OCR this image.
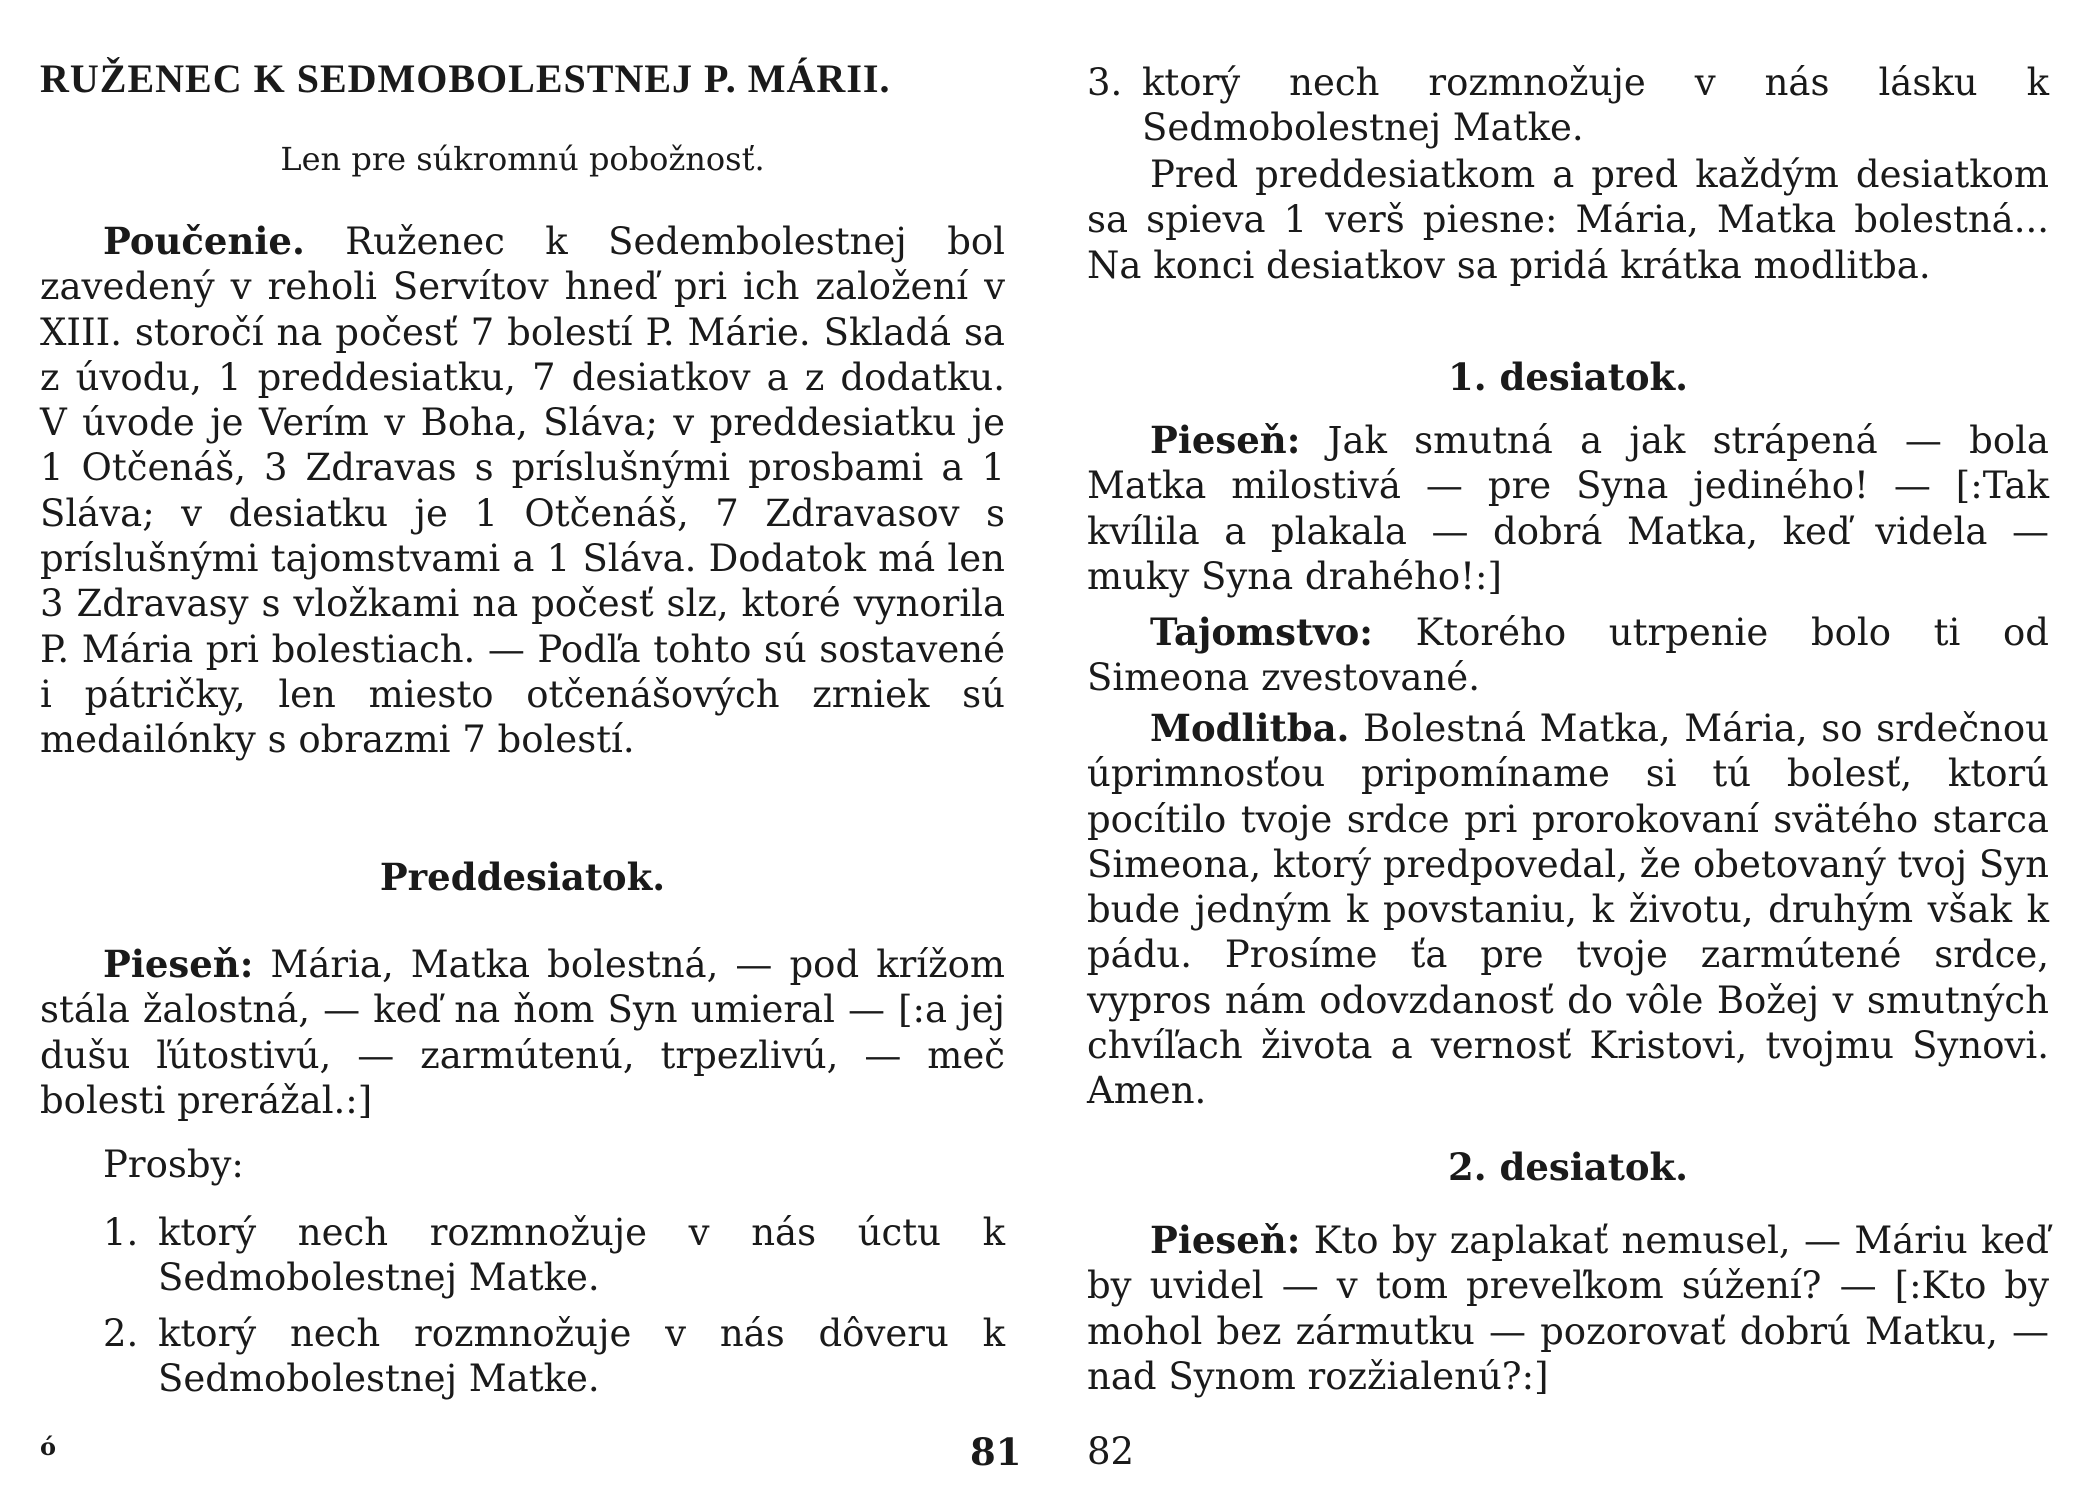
RUŽENEC K SEDMOBOLESTNEJ P. MÁRII.
Len pre súkromnú pobožnosť.
Poučenie. Ruženec k Sedembolestnej bol zavedený v reholi Servítov hneď pri ich založení v XIII. storočí na počesť 7 bolestí P. Márie. Skladá sa z úvodu, 1 preddesiatku, 7 desiatkov a z dodatku. V úvode je Verím v Boha, Sláva; v preddesiatku je 1 Otčenáš, 3 Zdravas s príslušnými prosbami a 1 Sláva; v desiatku je 1 Otčenáš, 7 Zdravasov s príslušnými tajomstvami a 1 Sláva. Dodatok má len 3 Zdravasy s vložkami na počesť slz, ktoré vynorila P. Mária pri bolestiach. — Podľa tohto sú sostavené i pátričky, len miesto otčenášových zrniek sú medailónky s obrazmi 7 bolestí.
Preddesiatok.
Pieseň: Mária, Matka bolestná, — pod krížom stála žalostná, — keď na ňom Syn umieral — [:a jej dušu ľútostivú, — zarmútenú, trpezlivú, — meč bolesti prerážal.:]
Prosby:
1. ktorý nech rozmnožuje v nás úctu k Sedmobolestnej Matke.
2. ktorý nech rozmnožuje v nás dôveru k Sedmobolestnej Matke.
ó	81
3. ktorý nech rozmnožuje v nás lásku k Sedmobolestnej Matke.
Pred preddesiatkom a pred každým desiatkom sa spieva 1 verš piesne: Mária, Matka bolestná... Na konci desiatkov sa pridá krátka modlitba.
1. desiatok.
Pieseň: Jak smutná a jak strápená — bola Matka milostivá — pre Syna jediného! — [:Tak kvílila a plakala — dobrá Matka, keď videla — muky Syna drahého!:]
Tajomstvo: Ktorého utrpenie bolo ti od Simeona zvestované.
Modlitba. Bolestná Matka, Mária, so srdečnou úprimnosťou pripomíname si tú bolesť, ktorú pocítilo tvoje srdce pri prorokovaní svätého starca Simeona, ktorý predpovedal, že obetovaný tvoj Syn bude jedným k povstaniu, k životu, druhým však k pádu. Prosíme ťa pre tvoje zarmútené srdce, vypros nám odovzdanosť do vôle Božej v smutných chvíľach života a vernosť Kristovi, tvojmu Synovi. Amen.
2. desiatok.
Pieseň: Kto by zaplakať nemusel, — Máriu keď by uvidel — v tom preveľkom súžení? — [:Kto by mohol bez zármutku — pozorovať dobrú Matku, — nad Synom rozžialenú?:]
82
